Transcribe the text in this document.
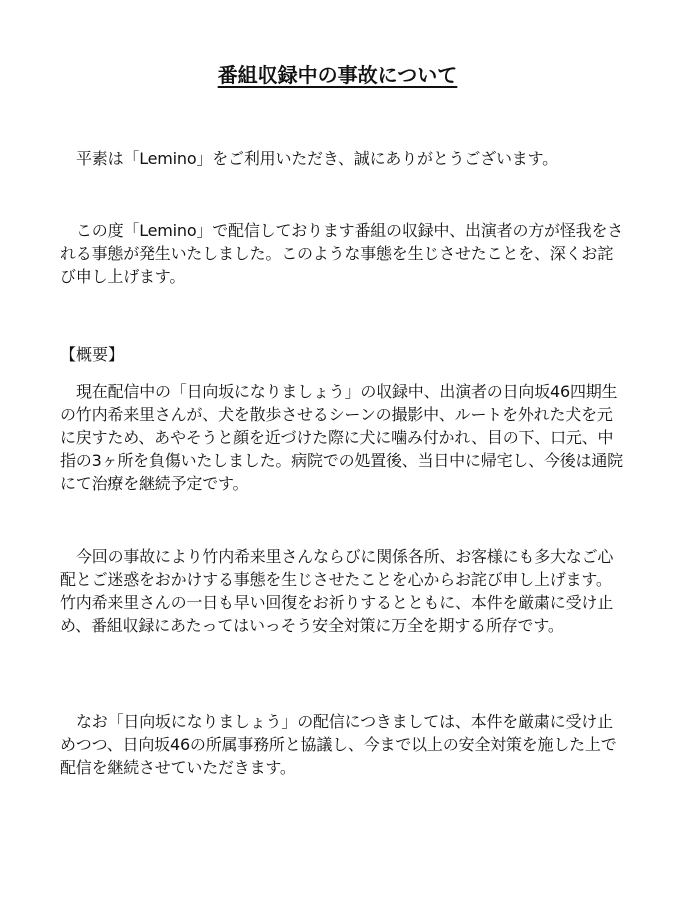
番組収録中の事故について

平素は「Lemino」をご利用いただき、誠にありがとうございます。

この度「Lemino」で配信しております番組の収録中、出演者の方が怪我をされる事態が発生いたしました。このような事態を生じさせたことを、深くお詫び申し上げます。

【概要】

現在配信中の「日向坂になりましょう」の収録中、出演者の日向坂46四期生の竹内希来里さんが、犬を散歩させるシーンの撮影中、ルートを外れた犬を元に戻すため、あやそうと顔を近づけた際に犬に噛み付かれ、目の下、口元、中指の3ヶ所を負傷いたしました。病院での処置後、当日中に帰宅し、今後は通院にて治療を継続予定です。

今回の事故により竹内希来里さんならびに関係各所、お客様にも多大なご心配とご迷惑をおかけする事態を生じさせたことを心からお詫び申し上げます。竹内希来里さんの一日も早い回復をお祈りするとともに、本件を厳粛に受け止め、番組収録にあたってはいっそう安全対策に万全を期する所存です。

なお「日向坂になりましょう」の配信につきましては、本件を厳粛に受け止めつつ、日向坂46の所属事務所と協議し、今まで以上の安全対策を施した上で配信を継続させていただきます。
